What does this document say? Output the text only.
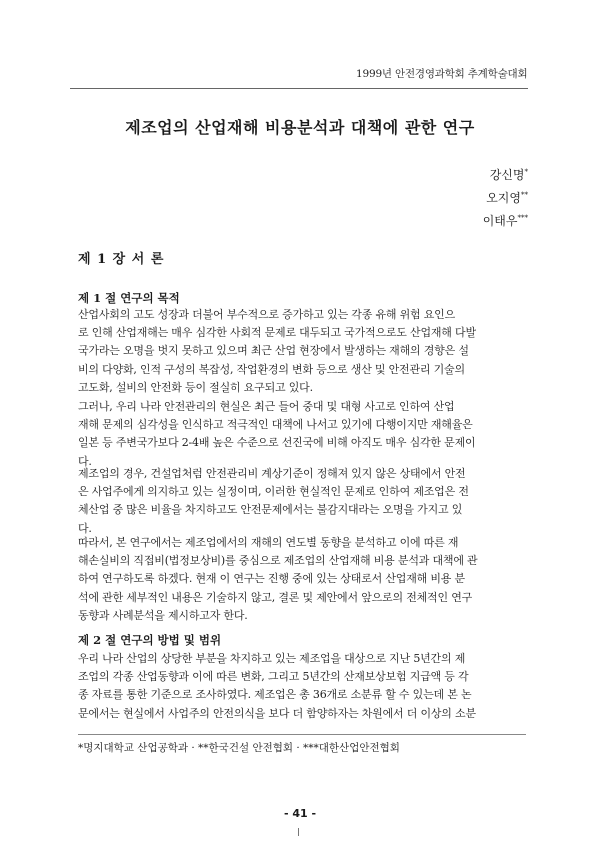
1999년 안전경영과학회 추계학술대회
제조업의 산업재해 비용분석과 대책에 관한 연구
강신명*
오지영**
이태우***
제 1 장 서 론
제 1 절 연구의 목적
산업사회의 고도 성장과 더불어 부수적으로 증가하고 있는 각종 유해 위험 요인으
로 인해 산업재해는 매우 심각한 사회적 문제로 대두되고 국가적으로도 산업재해 다발
국가라는 오명을 벗지 못하고 있으며 최근 산업 현장에서 발생하는 재해의 경향은 설
비의 다양화, 인적 구성의 복잡성, 작업환경의 변화 등으로 생산 및 안전관리 기술의
고도화, 설비의 안전화 등이 절실히 요구되고 있다.
그러나, 우리 나라 안전관리의 현실은 최근 들어 중대 및 대형 사고로 인하여 산업
재해 문제의 심각성을 인식하고 적극적인 대책에 나서고 있기에 다행이지만 재해율은
일본 등 주변국가보다 2-4배 높은 수준으로 선진국에 비해 아직도 매우 심각한 문제이
다.
제조업의 경우, 건설업처럼 안전관리비 계상기준이 정해져 있지 않은 상태에서 안전
은 사업주에게 의지하고 있는 실정이며, 이러한 현실적인 문제로 인하여 제조업은 전
체산업 중 많은 비율을 차지하고도 안전문제에서는 불감지대라는 오명을 가지고 있
다.
따라서, 본 연구에서는 제조업에서의 재해의 연도별 동향을 분석하고 이에 따른 재
해손실비의 직접비(법정보상비)를 중심으로 제조업의 산업재해 비용 분석과 대책에 관
하여 연구하도록 하겠다. 현재 이 연구는 진행 중에 있는 상태로서 산업재해 비용 분
석에 관한 세부적인 내용은 기술하지 않고, 결론 및 제안에서 앞으로의 전체적인 연구
동향과 사례분석을 제시하고자 한다.
제 2 절 연구의 방법 및 범위
우리 나라 산업의 상당한 부분을 차지하고 있는 제조업을 대상으로 지난 5년간의 제
조업의 각종 산업동향과 이에 따른 변화, 그리고 5년간의 산재보상보험 지급액 등 각
종 자료를 통한 기준으로 조사하였다. 제조업은 총 36개로 소분류 할 수 있는데 본 논
문에서는 현실에서 사업주의 안전의식을 보다 더 함양하자는 차원에서 더 이상의 소분
*명지대학교 산업공학과 · **한국건설 안전협회 · ***대한산업안전협회
- 41 -
